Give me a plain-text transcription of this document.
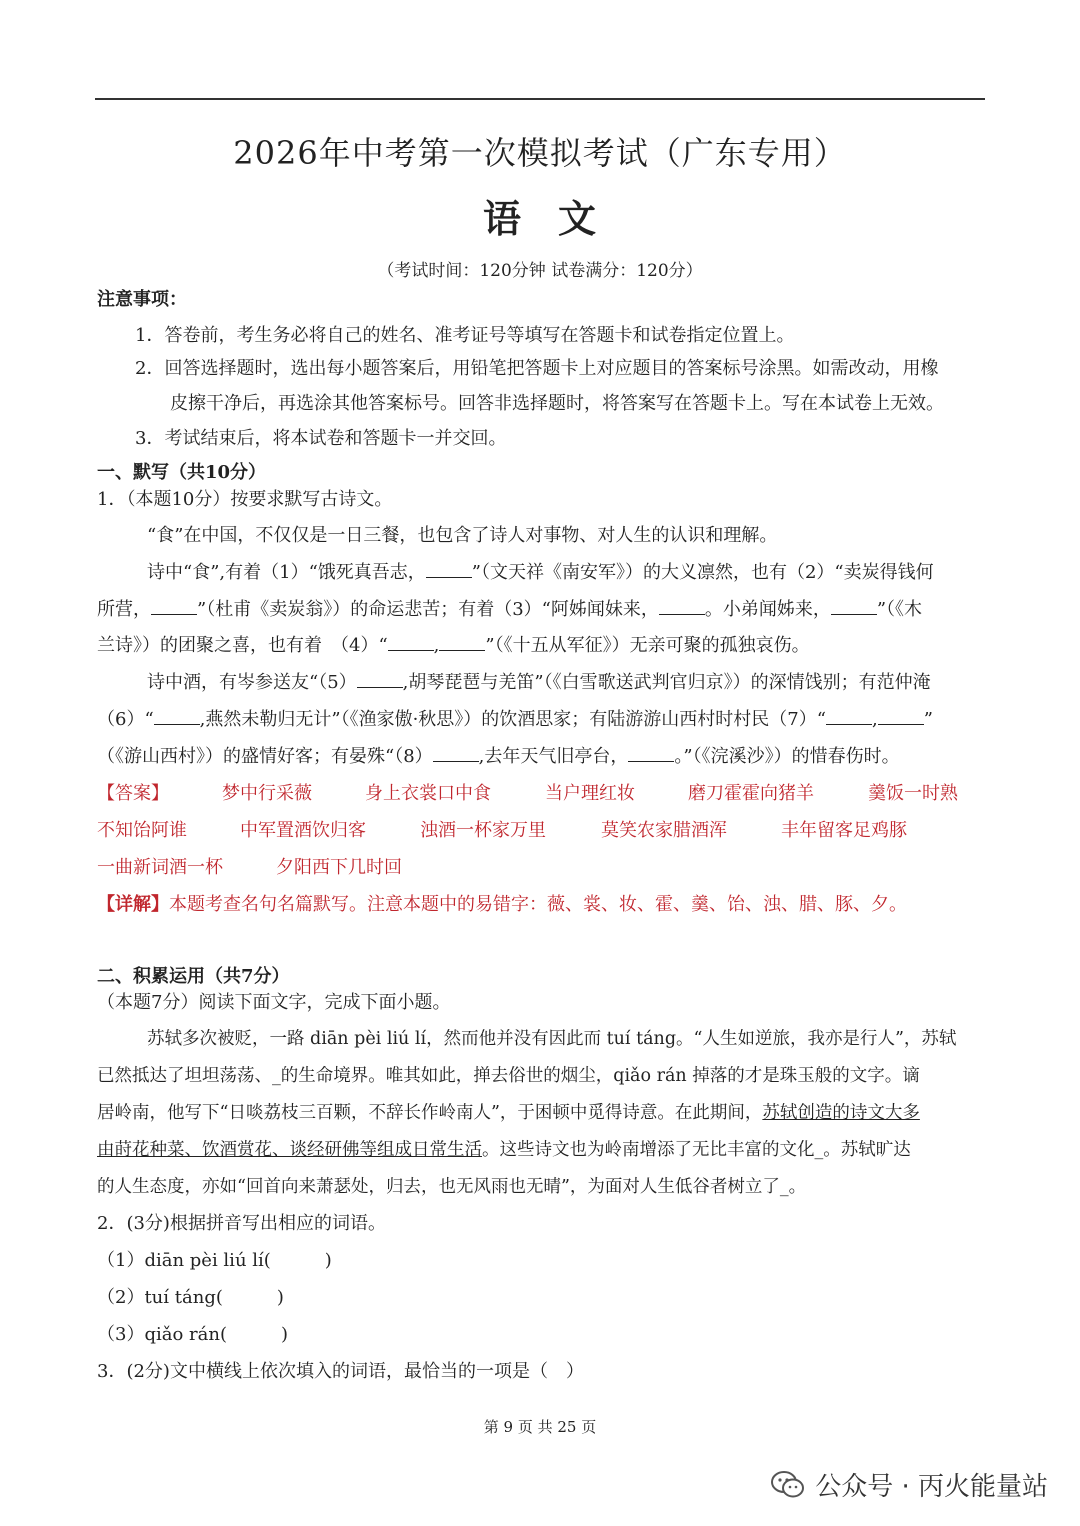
2026年中考第一次模拟考试（广东专用）
语 文
（考试时间：120分钟 试卷满分：120分）
注意事项：
1．答卷前，考生务必将自己的姓名、准考证号等填写在答题卡和试卷指定位置上。
2．回答选择题时，选出每小题答案后，用铅笔把答题卡上对应题目的答案标号涂黑。如需改动，用橡
皮擦干净后，再选涂其他答案标号。回答非选择题时，将答案写在答题卡上。写在本试卷上无效。
3．考试结束后，将本试卷和答题卡一并交回。
一、默写（共10分）
1．（本题10分）按要求默写古诗文。
“食”在中国，不仅仅是一日三餐，也包含了诗人对事物、对人生的认识和理解。
诗中“食”,有着（1）“饿死真吾志，	”（文天祥《南安军》）的大义凛然，也有（2）“卖炭得钱何
所营，	”（杜甫《卖炭翁》）的命运悲苦；有着（3）“阿姊闻妹来，	。小弟闻姊来，	”（《木
兰诗》）的团聚之喜，也有着　（4）“	,	”（《十五从军征》）无亲可聚的孤独哀伤。
诗中酒，有岑参送友“（5）	,胡琴琵琶与羌笛”（《白雪歌送武判官归京》）的深情饯别；有范仲淹
（6）“	,燕然未勒归无计”（《渔家傲·秋思》）的饮酒思家；有陆游游山西村时村民（7）“	,	”
（《游山西村》）的盛情好客；有晏殊“（8）	,去年天气旧亭台，	。”（《浣溪沙》）的惜春伤时。
【答案】	梦中行采薇	身上衣裳口中食	当户理红妆	磨刀霍霍向猪羊	羹饭一时熟
不知饴阿谁	中军置酒饮归客	浊酒一杯家万里	莫笑农家腊酒浑	丰年留客足鸡豚
一曲新词酒一杯	夕阳西下几时回
【详解】本题考查名句名篇默写。注意本题中的易错字：薇、裳、妆、霍、羹、饴、浊、腊、豚、夕。
二、积累运用（共7分）
（本题7分）阅读下面文字，完成下面小题。
苏轼多次被贬，一路 diān pèi liú lí，然而他并没有因此而 tuí táng。“人生如逆旅，我亦是行人”，苏轼
已然抵达了坦坦荡荡、_的生命境界。唯其如此，掸去俗世的烟尘，qiǎo rán 掉落的才是珠玉般的文字。谪
居岭南，他写下“日啖荔枝三百颗，不辞长作岭南人”，于困顿中觅得诗意。在此期间，苏轼创造的诗文大多
由莳花种菜、饮酒赏花、谈经研佛等组成日常生活。这些诗文也为岭南增添了无比丰富的文化_。苏轼旷达
的人生态度，亦如“回首向来萧瑟处，归去，也无风雨也无晴”，为面对人生低谷者树立了_。
2．(3分)根据拼音写出相应的词语。
（1）diān pèi liú lí(　　　)
（2）tuí táng(　　　)
（3）qiǎo rán(　　　)
3．(2分)文中横线上依次填入的词语，最恰当的一项是（　）
第 9 页 共 25 页
公众号 · 丙火能量站
